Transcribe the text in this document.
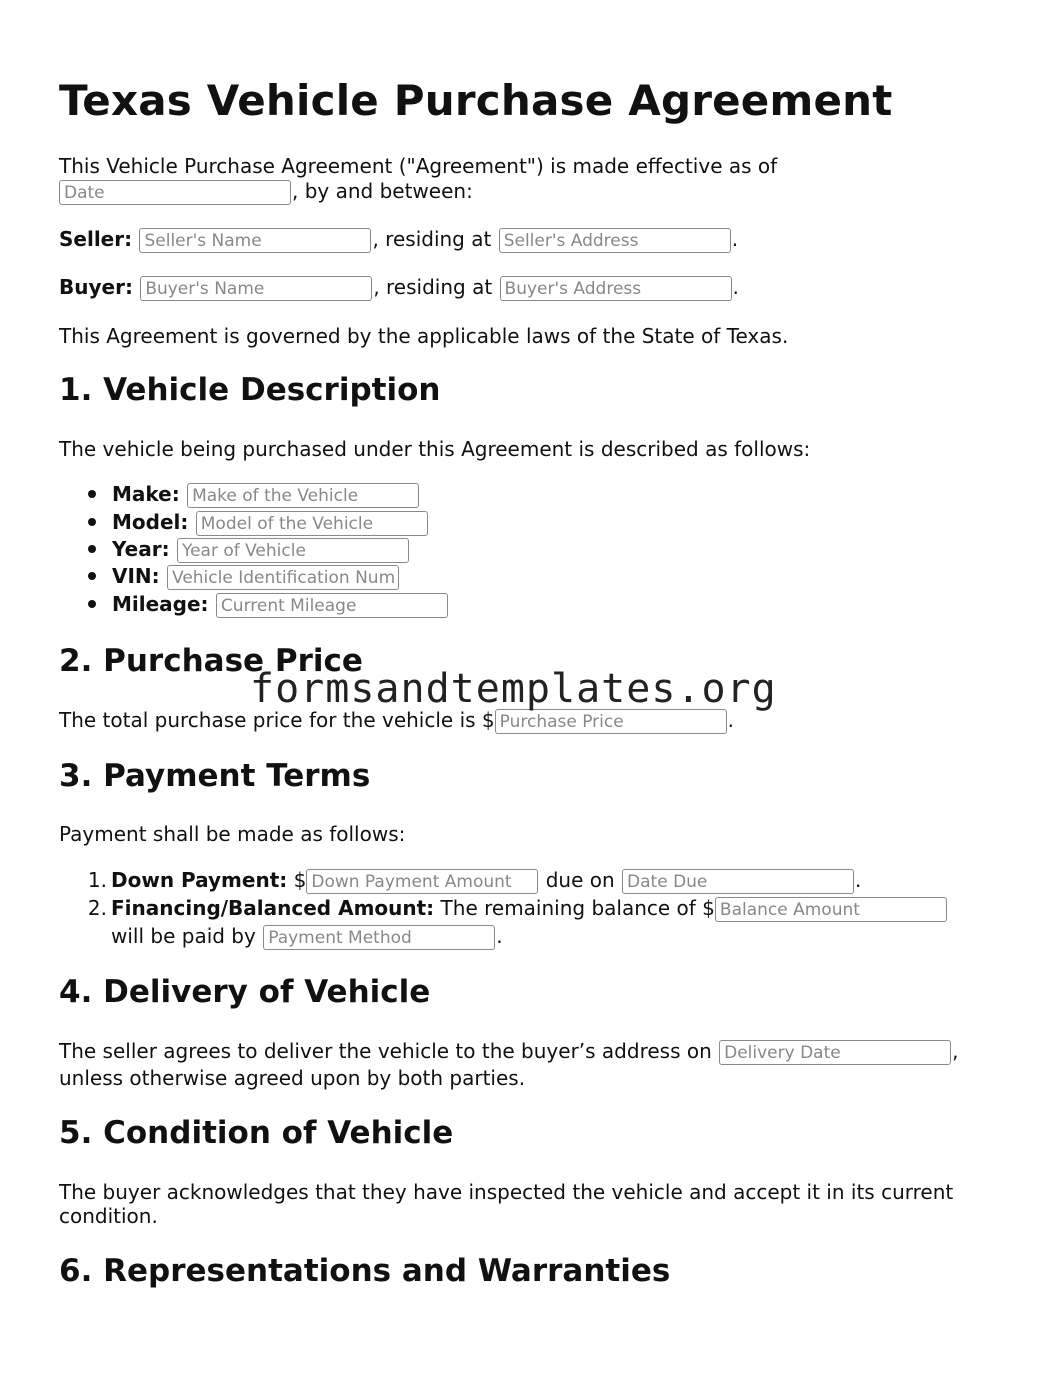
Texas Vehicle Purchase Agreement
This Vehicle Purchase Agreement ("Agreement") is made effective as of
Date, by and between:
Seller: Seller's Name	, residing at Seller's Address	.
Buyer: Buyer's Name	, residing at Buyer's Address	.
This Agreement is governed by the applicable laws of the State of Texas.
1. Vehicle Description
The vehicle being purchased under this Agreement is described as follows:
Make: Make of the Vehicle
Model: Model of the Vehicle
Year: Year of Vehicle
VIN: Vehicle Identification Number
Mileage: Current Mileage
2. Purchase Price
The total purchase price for the vehicle is $Purchase Price	.
3. Payment Terms
Payment shall be made as follows:
1. Down Payment: $Down Payment Amount	due on Date Due	.
2. Financing/Balanced Amount: The remaining balance of $Balance Amount
will be paid by Payment Method	.
4. Delivery of Vehicle
The seller agrees to deliver the vehicle to the buyer’s address on Delivery Date	,
unless otherwise agreed upon by both parties.
5. Condition of Vehicle
The buyer acknowledges that they have inspected the vehicle and accept it in its current
condition.
6. Representations and Warranties
formsandtemplates.org
